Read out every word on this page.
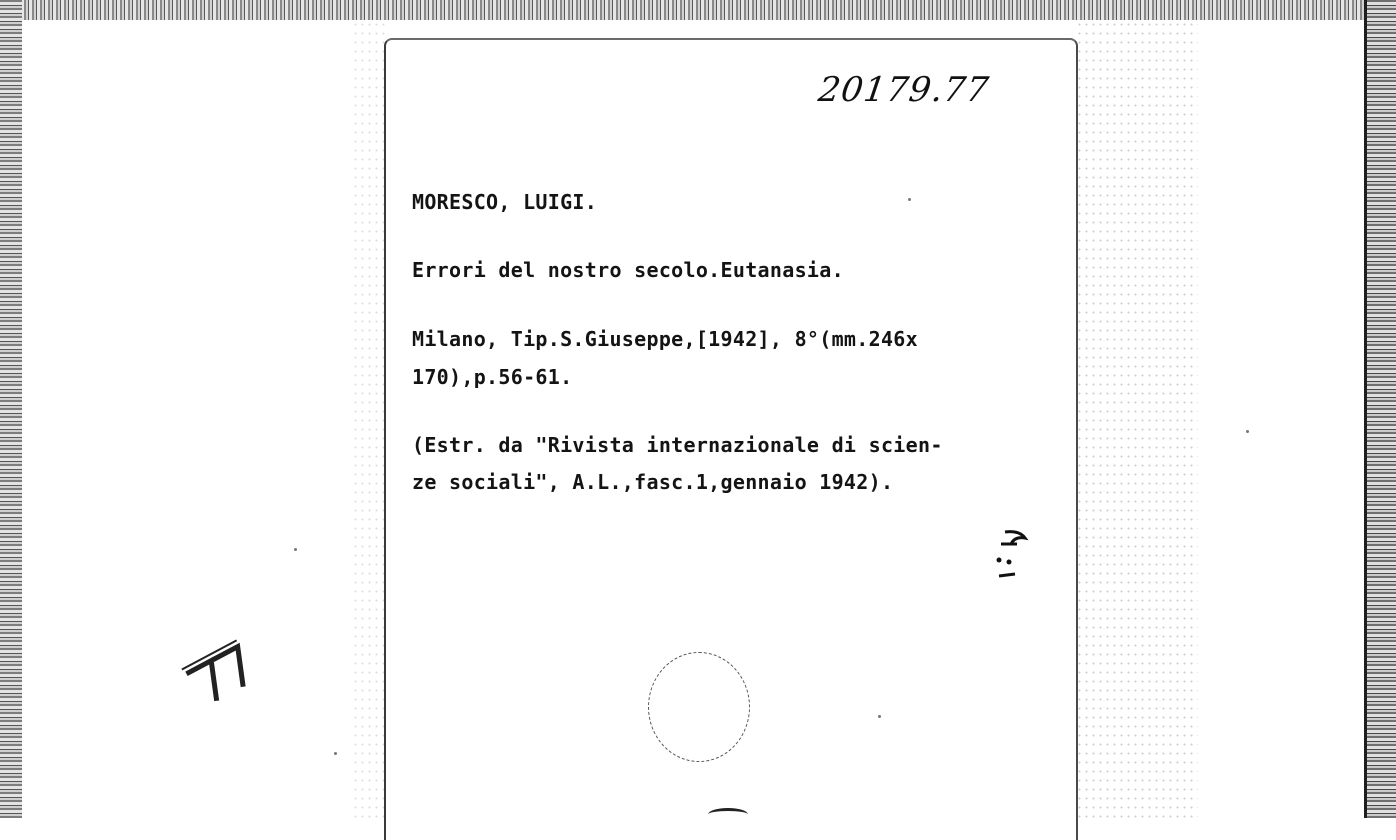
20179.77
MORESCO, LUIGI.
Errori del nostro secolo.Eutanasia.
Milano, Tip.S.Giuseppe,[1942], 8°(mm.246x
170),p.56-61.
(Estr. da "Rivista internazionale di scien-
ze sociali", A.L.,fasc.1,gennaio 1942).
